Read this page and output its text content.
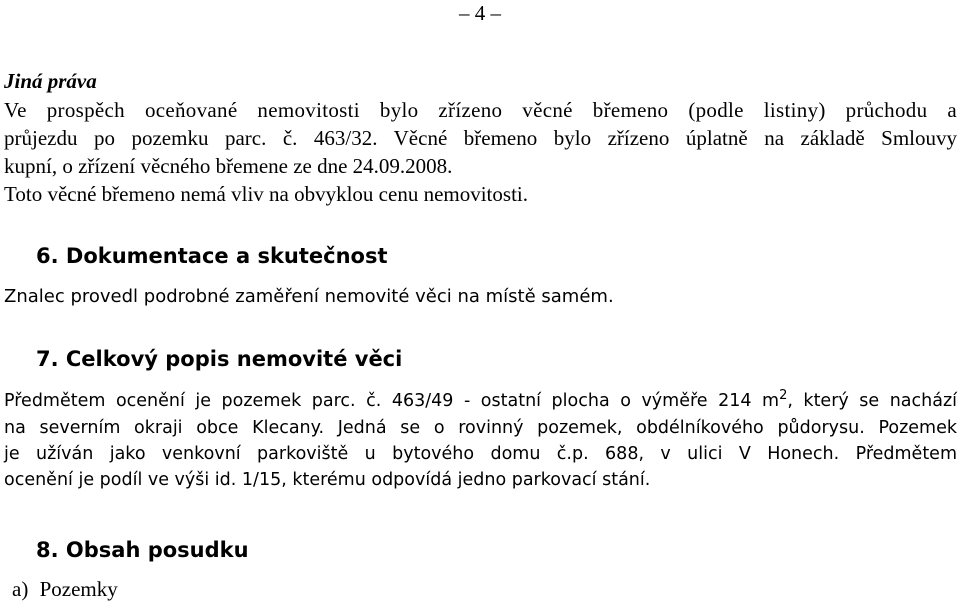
– 4 –
Jiná práva
Ve prospěch oceňované nemovitosti bylo zřízeno věcné břemeno (podle listiny) průchodu a
průjezdu po pozemku parc. č. 463/32. Věcné břemeno bylo zřízeno úplatně na základě Smlouvy
kupní, o zřízení věcného břemene ze dne 24.09.2008.
Toto věcné břemeno nemá vliv na obvyklou cenu nemovitosti.
6. Dokumentace a skutečnost
Znalec provedl podrobné zaměření nemovité věci na místě samém.
7. Celkový popis nemovité věci
Předmětem ocenění je pozemek parc. č. 463/49 - ostatní plocha o výměře 214 $m^2$, který se nachází
na severním okraji obce Klecany. Jedná se o rovinný pozemek, obdélníkového půdorysu. Pozemek
je užíván jako venkovní parkoviště u bytového domu č.p. 688, v ulici V Honech. Předmětem
ocenění je podíl ve výši id. 1/15, kterému odpovídá jedno parkovací stání.
8. Obsah posudku
a) Pozemky
